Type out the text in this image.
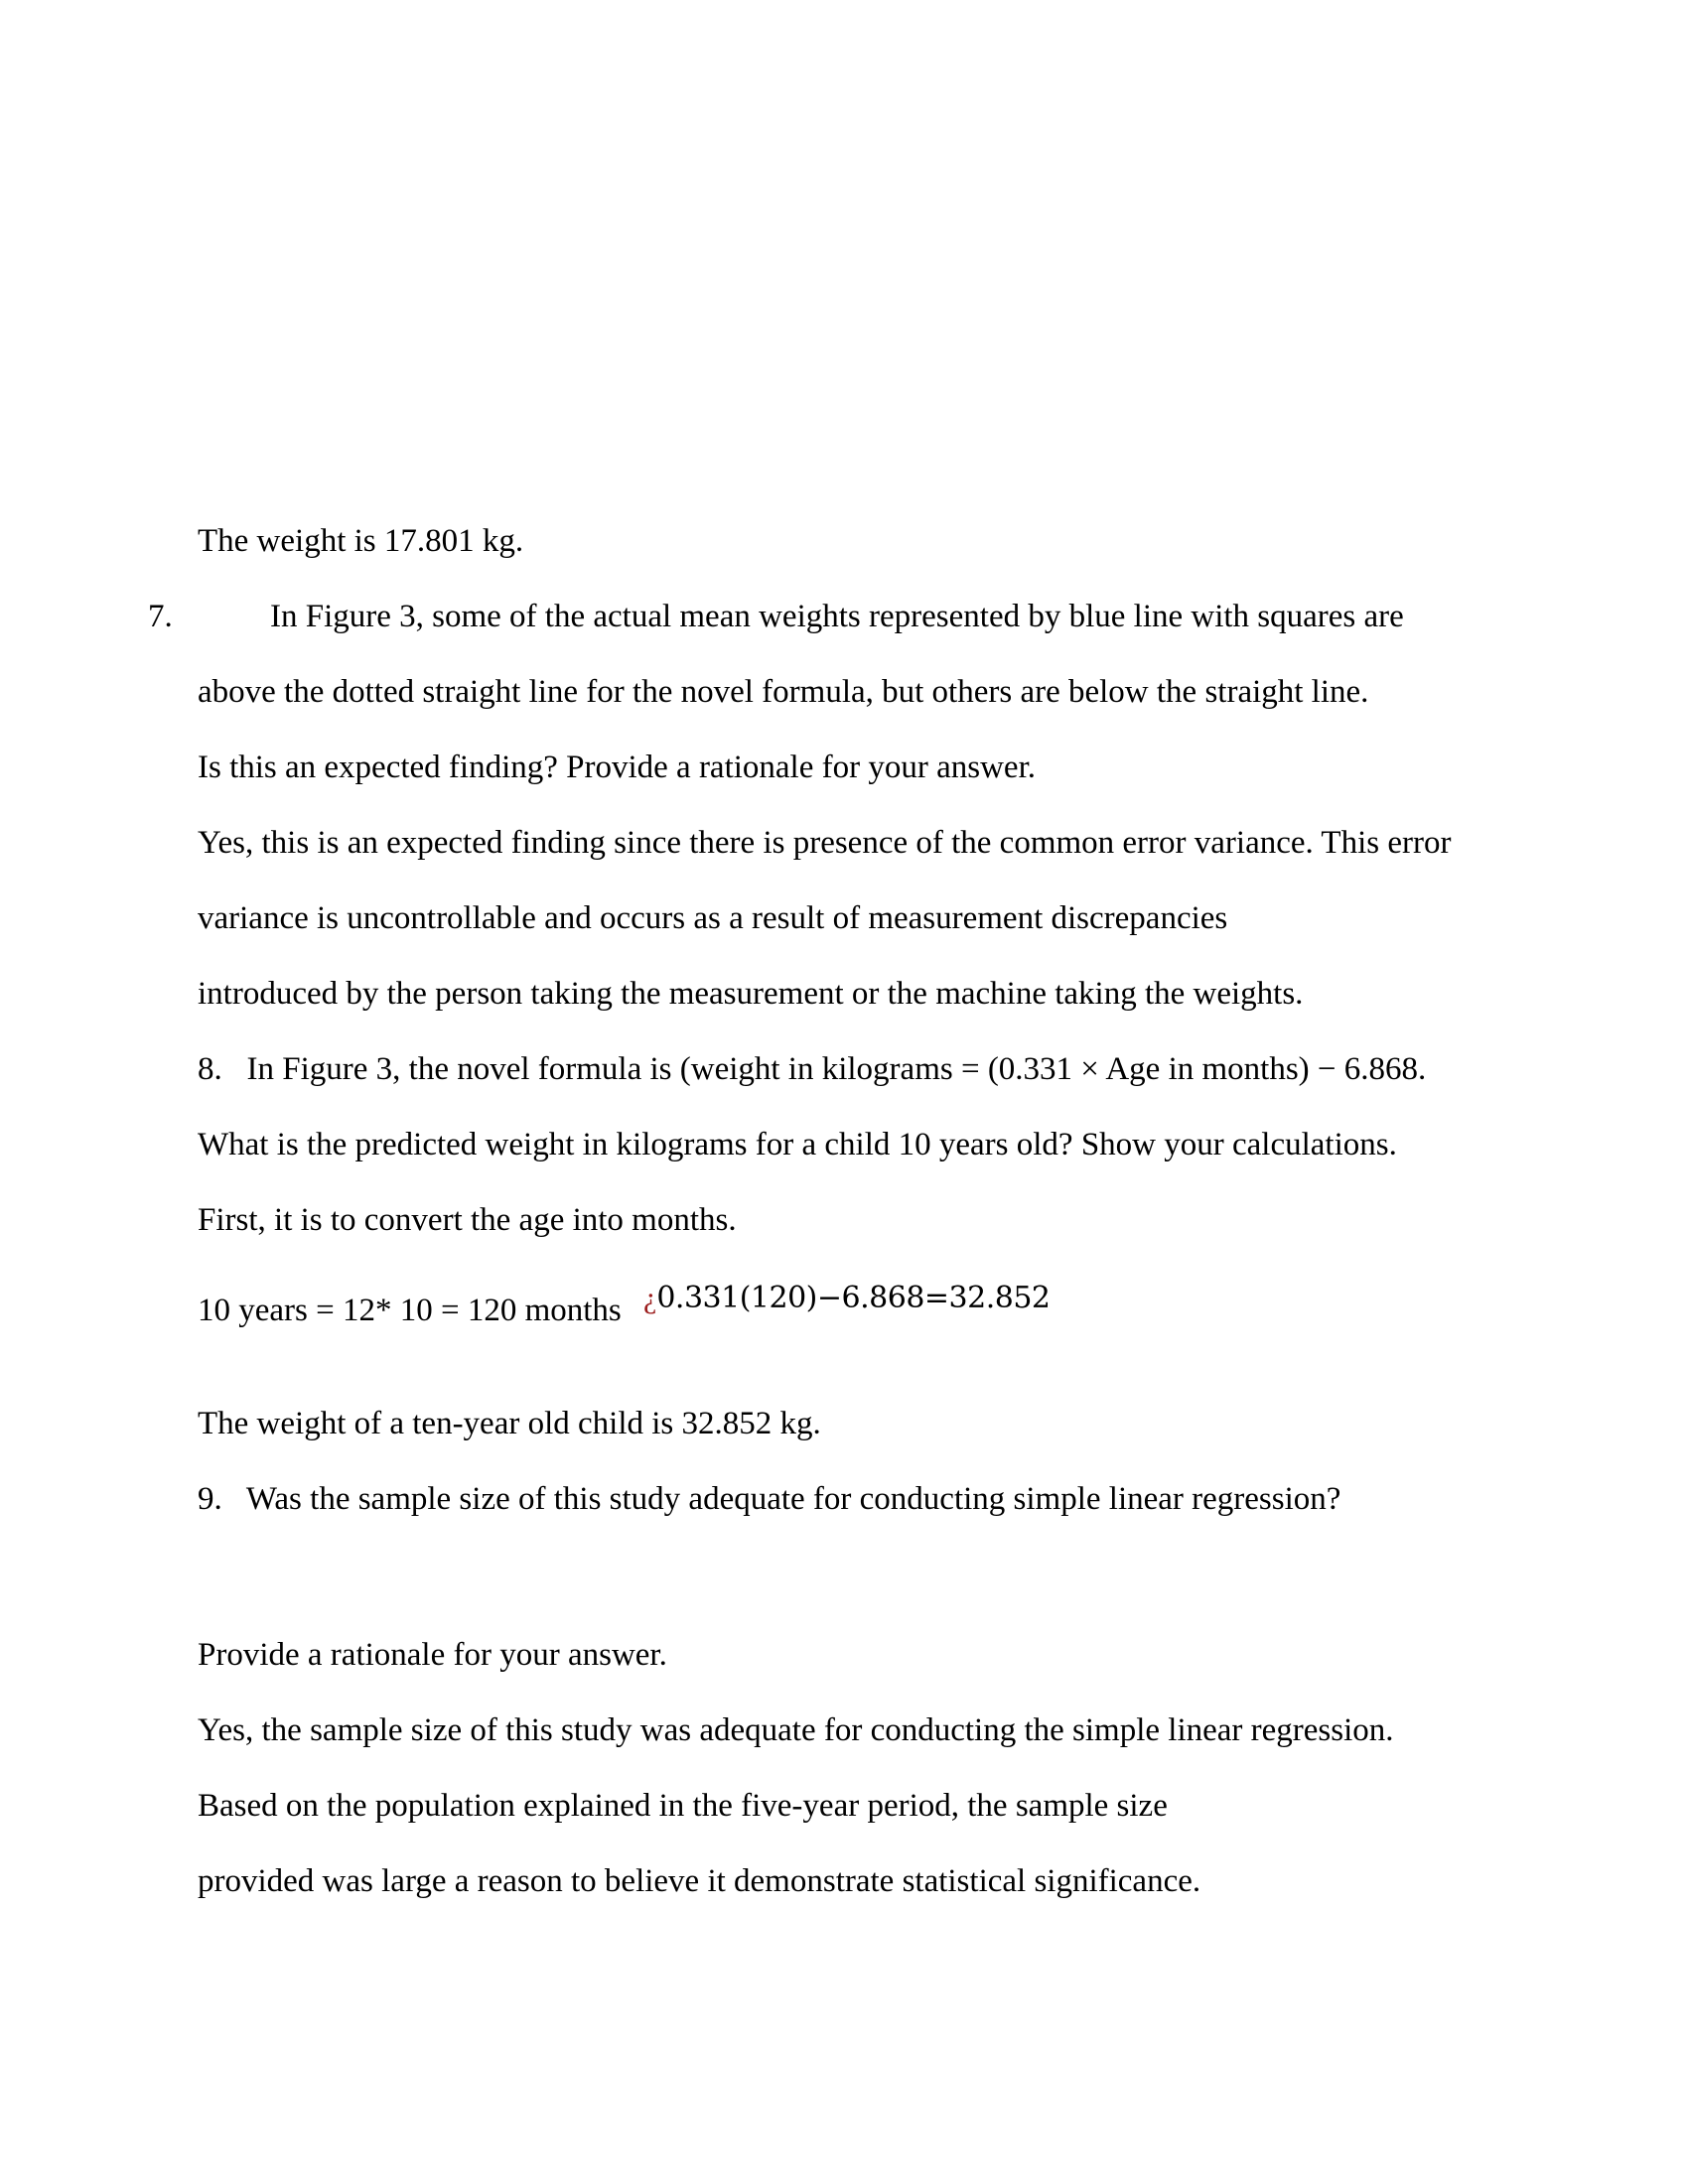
The weight is 17.801 kg.
7.	In Figure 3, some of the actual mean weights represented by blue line with squares are
above the dotted straight line for the novel formula, but others are below the straight line.
Is this an expected finding? Provide a rationale for your answer.
Yes, this is an expected finding since there is presence of the common error variance. This error
variance is uncontrollable and occurs as a result of measurement discrepancies
introduced by the person taking the measurement or the machine taking the weights.
8.   In Figure 3, the novel formula is (weight in kilograms = (0.331 × Age in months) − 6.868.
What is the predicted weight in kilograms for a child 10 years old? Show your calculations.
First, it is to convert the age into months.
10 years = 12* 10 = 120 months ¿0.331(120)−6.868=32.852
The weight of a ten-year old child is 32.852 kg.
9.   Was the sample size of this study adequate for conducting simple linear regression?
Provide a rationale for your answer.
Yes, the sample size of this study was adequate for conducting the simple linear regression.
Based on the population explained in the five-year period, the sample size
provided was large a reason to believe it demonstrate statistical significance.
